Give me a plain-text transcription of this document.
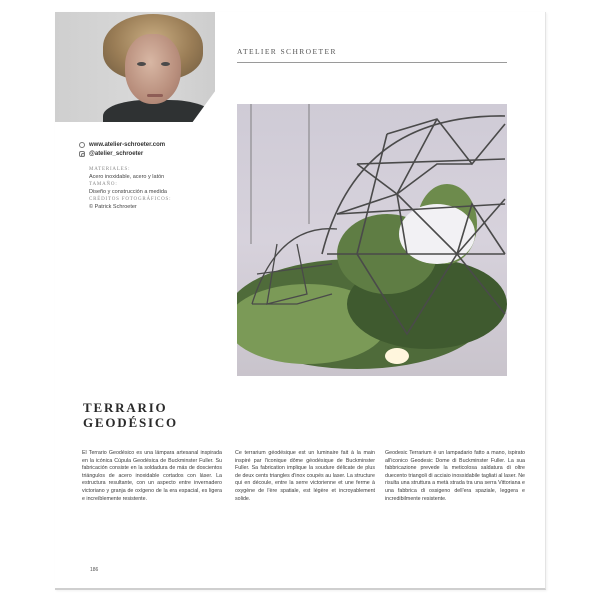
www.atelier-schroeter.com
@atelier_schroeter
MATERIALES:
Acero inoxidable, acero y latón
TAMAÑO:
Diseño y construcción a medida
CRÉDITOS FOTOGRÁFICOS:
© Patrick Schroeter
ATELIER SCHROETER
TERRARIO
GEODÉSICO
El Terrario Geodésico es una lámpara artesanal inspirada en la icónica Cúpula Geodésica de Buckminster Fuller. Su fabricación consiste en la soldadura de más de doscientos triángulos de acero inoxidable cortados con láser. La estructura resultante, con un aspecto entre invernadero victoriano y granja de oxígeno de la era espacial, es ligera e increíblemente resistente.
Ce terrarium géodésique est un luminaire fait à la main inspiré par l'iconique dôme géodésique de Buckminster Fuller. Sa fabrication implique la soudure délicate de plus de deux cents triangles d'inox coupés au laser. La structure qui en découle, entre la serre victorienne et une ferme à oxygène de l'ère spatiale, est légère et incroyablement solide.
Geodesic Terrarium è un lampadario fatto a mano, ispirato all'iconico Geodesic Dome di Buckminster Fuller. La sua fabbricazione prevede la meticolosa saldatura di oltre duecento triangoli di acciaio inossidabile tagliati al laser. Ne risulta una struttura a metà strada tra una serra Vittoriana e una fabbrica di ossigeno dell'era spaziale, leggera e incredibilmente resistente.
186
